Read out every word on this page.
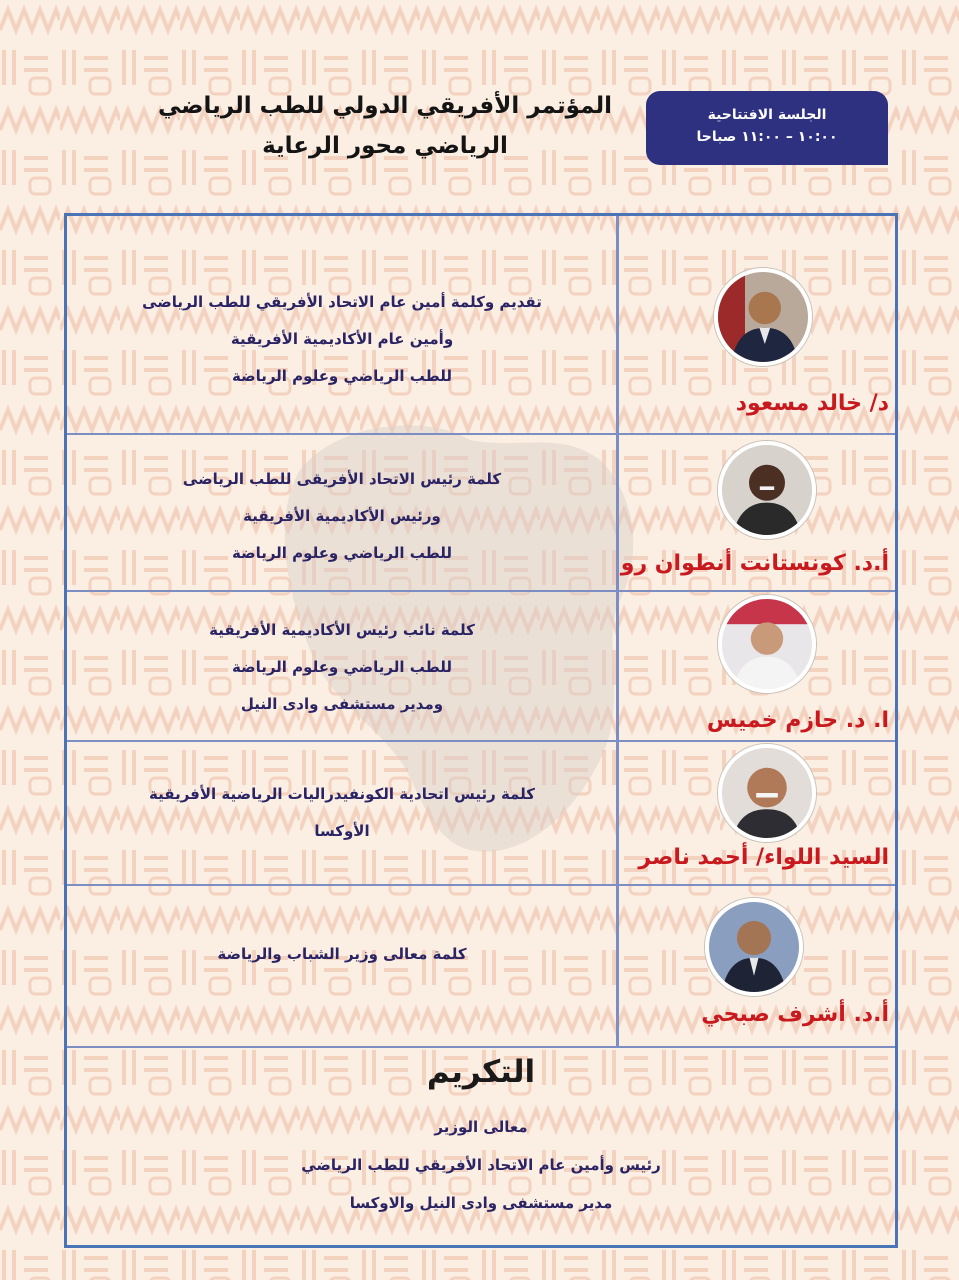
المؤتمر الأفريقي الدولي للطب الرياضي
الرياضي محور الرعاية
الجلسة الافتتاحية
١٠:٠٠ – ١١:٠٠ صباحا
تقديم وكلمة أمين عام الاتحاد الأفريقي للطب الرياضى
وأمين عام الأكاديمية الأفريقية
للطب الرياضي وعلوم الرياضة
د/ خالد مسعود
كلمة رئيس الاتحاد الأفريقى للطب الرياضى
ورئيس الأكاديمية الأفريقية
للطب الرياضي وعلوم الرياضة	أ.د. كونستانت أنطوان رو
كلمة نائب رئيس الأكاديمية الأفريقية
للطب الرياضي وعلوم الرياضة
ومدير مستشفى وادى النيل
ا. د. حازم خميس
كلمة رئيس اتحادية الكونفيدراليات الرياضية الأفريقية
الأوكسا
السيد اللواء/ أحمد ناصر
كلمة معالى وزير الشباب والرياضة
أ.د. أشرف صبحي
التكريم
معالى الوزير
رئيس وأمين عام الاتحاد الأفريقي للطب الرياضي
مدير مستشفى وادى النيل والاوكسا
